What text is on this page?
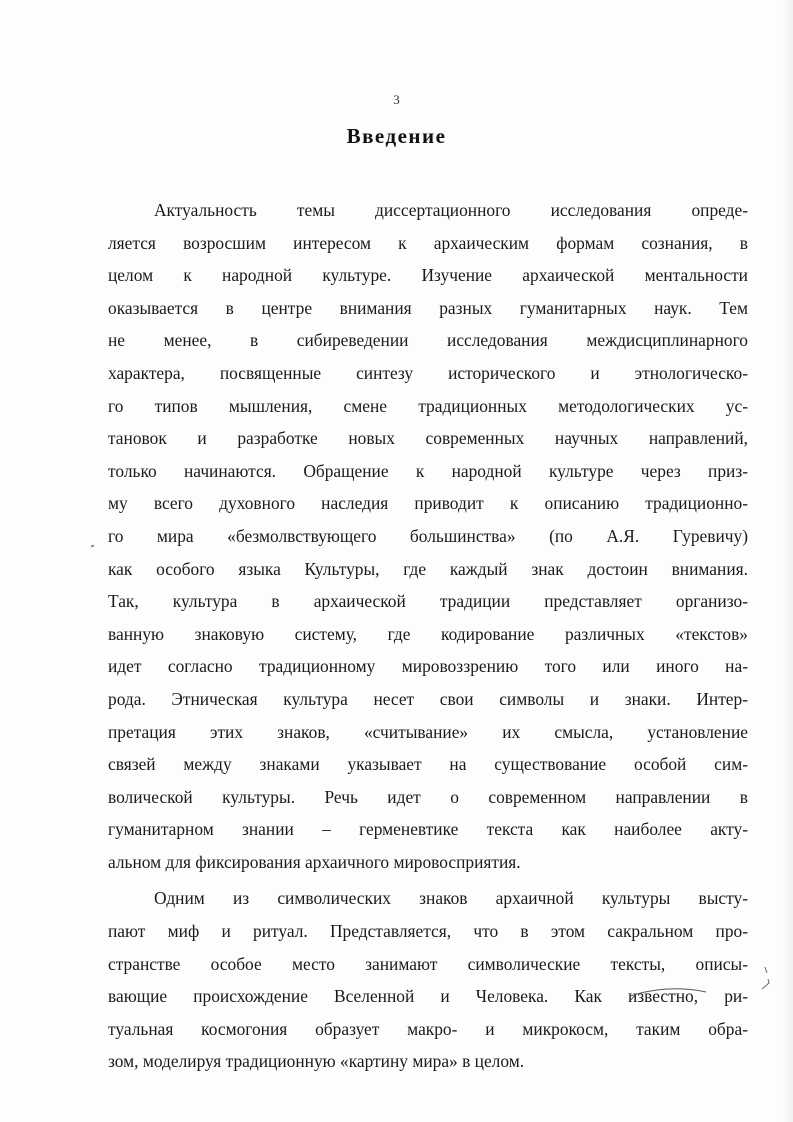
3
Введение
Актуальность темы диссертационного исследования опреде-
ляется возросшим интересом к архаическим формам сознания, в
целом к народной культуре. Изучение архаической ментальности
оказывается в центре внимания разных гуманитарных наук. Тем
не менее, в сибиреведении исследования междисциплинарного
характера, посвященные синтезу исторического и этнологическо-
го типов мышления, смене традиционных методологических ус-
тановок и разработке новых современных научных направлений,
только начинаются. Обращение к народной культуре через приз-
му всего духовного наследия приводит к описанию традиционно-
го мира «безмолвствующего большинства» (по А.Я. Гуревичу)
как особого языка Культуры, где каждый знак достоин внимания.
Так, культура в архаической традиции представляет организо-
ванную знаковую систему, где кодирование различных «текстов»
идет согласно традиционному мировоззрению того или иного на-
рода. Этническая культура несет свои символы и знаки. Интер-
претация этих знаков, «считывание» их смысла, установление
связей между знаками указывает на существование особой сим-
волической культуры. Речь идет о современном направлении в
гуманитарном знании – герменевтике текста как наиболее акту-
альном для фиксирования архаичного мировосприятия.
Одним из символических знаков архаичной культуры высту-
пают миф и ритуал. Представляется, что в этом сакральном про-
странстве особое место занимают символические тексты, описы-
вающие происхождение Вселенной и Человека. Как известно, ри-
туальная космогония образует макро- и микрокосм, таким обра-
зом, моделируя традиционную «картину мира» в целом.
